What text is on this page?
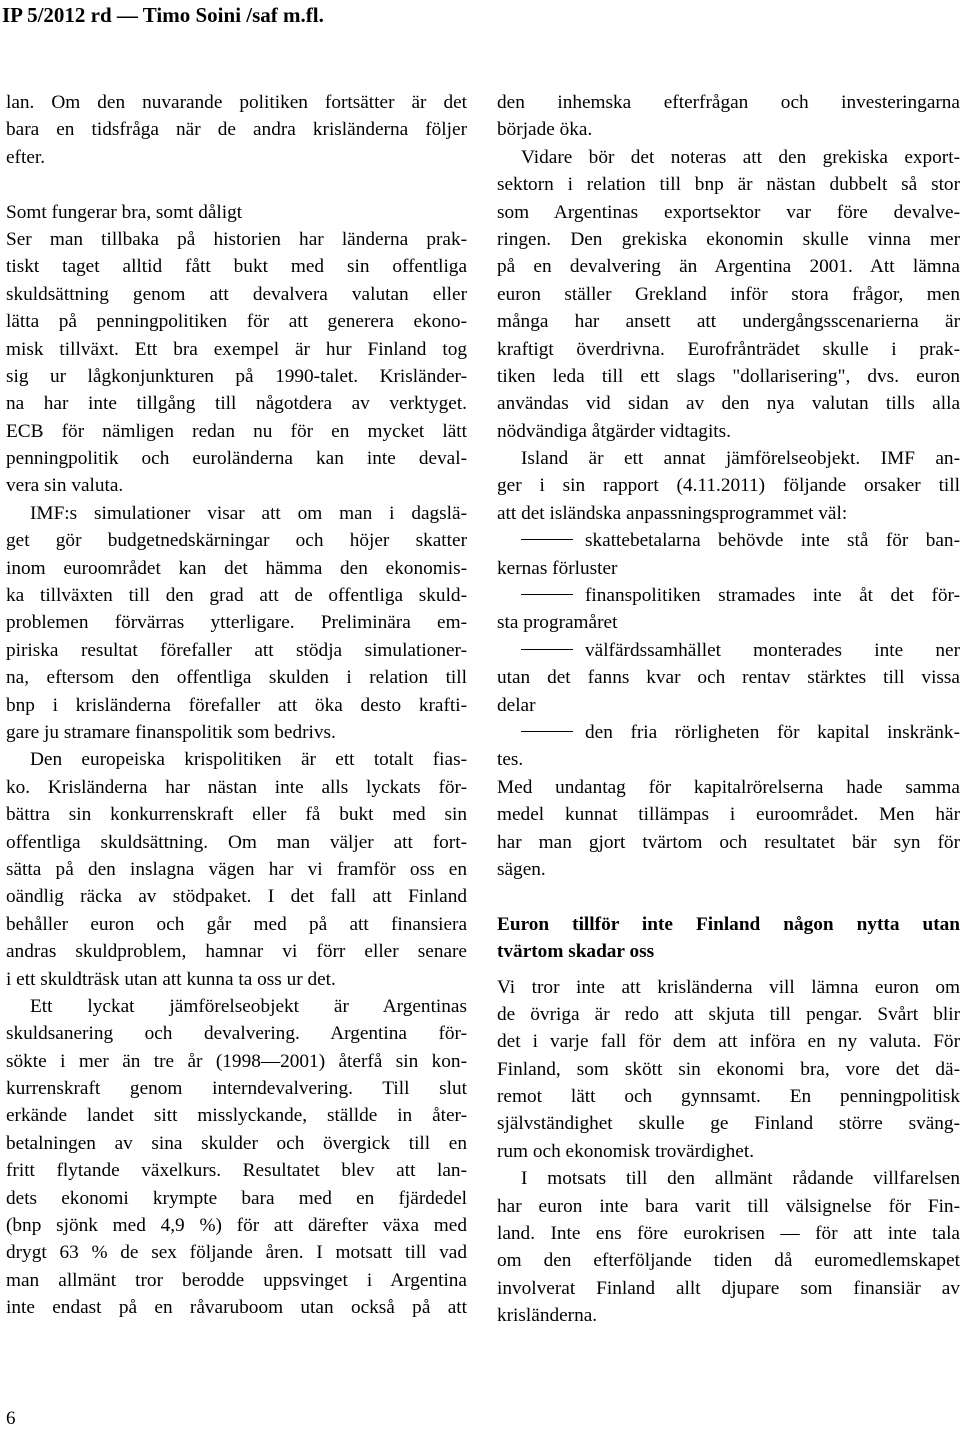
IP 5/2012 rd — Timo Soini /saf m.fl.
lan. Om den nuvarande politiken fortsätter är det
bara en tidsfråga när de andra krisländerna följer
efter.
Somt fungerar bra, somt dåligt
Ser man tillbaka på historien har länderna prak-
tiskt taget alltid fått bukt med sin offentliga
skuldsättning genom att devalvera valutan eller
lätta på penningpolitiken för att generera ekono-
misk tillväxt. Ett bra exempel är hur Finland tog
sig ur lågkonjunkturen på 1990-talet. Krisländer-
na har inte tillgång till någotdera av verktyget.
ECB för nämligen redan nu för en mycket lätt
penningpolitik och euroländerna kan inte deval-
vera sin valuta.
IMF:s simulationer visar att om man i dagslä-
get gör budgetnedskärningar och höjer skatter
inom euroområdet kan det hämma den ekonomis-
ka tillväxten till den grad att de offentliga skuld-
problemen förvärras ytterligare. Preliminära em-
piriska resultat förefaller att stödja simulationer-
na, eftersom den offentliga skulden i relation till
bnp i krisländerna förefaller att öka desto krafti-
gare ju stramare finanspolitik som bedrivs.
Den europeiska krispolitiken är ett totalt fias-
ko. Krisländerna har nästan inte alls lyckats för-
bättra sin konkurrenskraft eller få bukt med sin
offentliga skuldsättning. Om man väljer att fort-
sätta på den inslagna vägen har vi framför oss en
oändlig räcka av stödpaket. I det fall att Finland
behåller euron och går med på att finansiera
andras skuldproblem, hamnar vi förr eller senare
i ett skuldträsk utan att kunna ta oss ur det.
Ett lyckat jämförelseobjekt är Argentinas
skuldsanering och devalvering. Argentina för-
sökte i mer än tre år (1998—2001) återfå sin kon-
kurrenskraft genom interndevalvering. Till slut
erkände landet sitt misslyckande, ställde in åter-
betalningen av sina skulder och övergick till en
fritt flytande växelkurs. Resultatet blev att lan-
dets ekonomi krympte bara med en fjärdedel
(bnp sjönk med 4,9 %) för att därefter växa med
drygt 63 % de sex följande åren. I motsatt till vad
man allmänt tror berodde uppsvinget i Argentina
inte endast på en råvaruboom utan också på att
den inhemska efterfrågan och investeringarna
började öka.
Vidare bör det noteras att den grekiska export-
sektorn i relation till bnp är nästan dubbelt så stor
som Argentinas exportsektor var före devalve-
ringen. Den grekiska ekonomin skulle vinna mer
på en devalvering än Argentina 2001. Att lämna
euron ställer Grekland inför stora frågor, men
många har ansett att undergångsscenarierna är
kraftigt överdrivna. Eurofrånträdet skulle i prak-
tiken leda till ett slags "dollarisering", dvs. euron
användas vid sidan av den nya valutan tills alla
nödvändiga åtgärder vidtagits.
Island är ett annat jämförelseobjekt. IMF an-
ger i sin rapport (4.11.2011) följande orsaker till
att det isländska anpassningsprogrammet väl:
skattebetalarna behövde inte stå för ban-
kernas förluster
finanspolitiken stramades inte åt det för-
sta programåret
välfärdssamhället monterades inte ner
utan det fanns kvar och rentav stärktes till vissa
delar
den fria rörligheten för kapital inskränk-
tes.
Med undantag för kapitalrörelserna hade samma
medel kunnat tillämpas i euroområdet. Men här
har man gjort tvärtom och resultatet bär syn för
sägen.
Euron tillför inte Finland någon nytta utan
tvärtom skadar oss
Vi tror inte att krisländerna vill lämna euron om
de övriga är redo att skjuta till pengar. Svårt blir
det i varje fall för dem att införa en ny valuta. För
Finland, som skött sin ekonomi bra, vore det dä-
remot lätt och gynnsamt. En penningpolitisk
självständighet skulle ge Finland större sväng-
rum och ekonomisk trovärdighet.
I motsats till den allmänt rådande villfarelsen
har euron inte bara varit till välsignelse för Fin-
land. Inte ens före eurokrisen — för att inte tala
om den efterföljande tiden då euromedlemskapet
involverat Finland allt djupare som finansiär av
krisländerna.
6
